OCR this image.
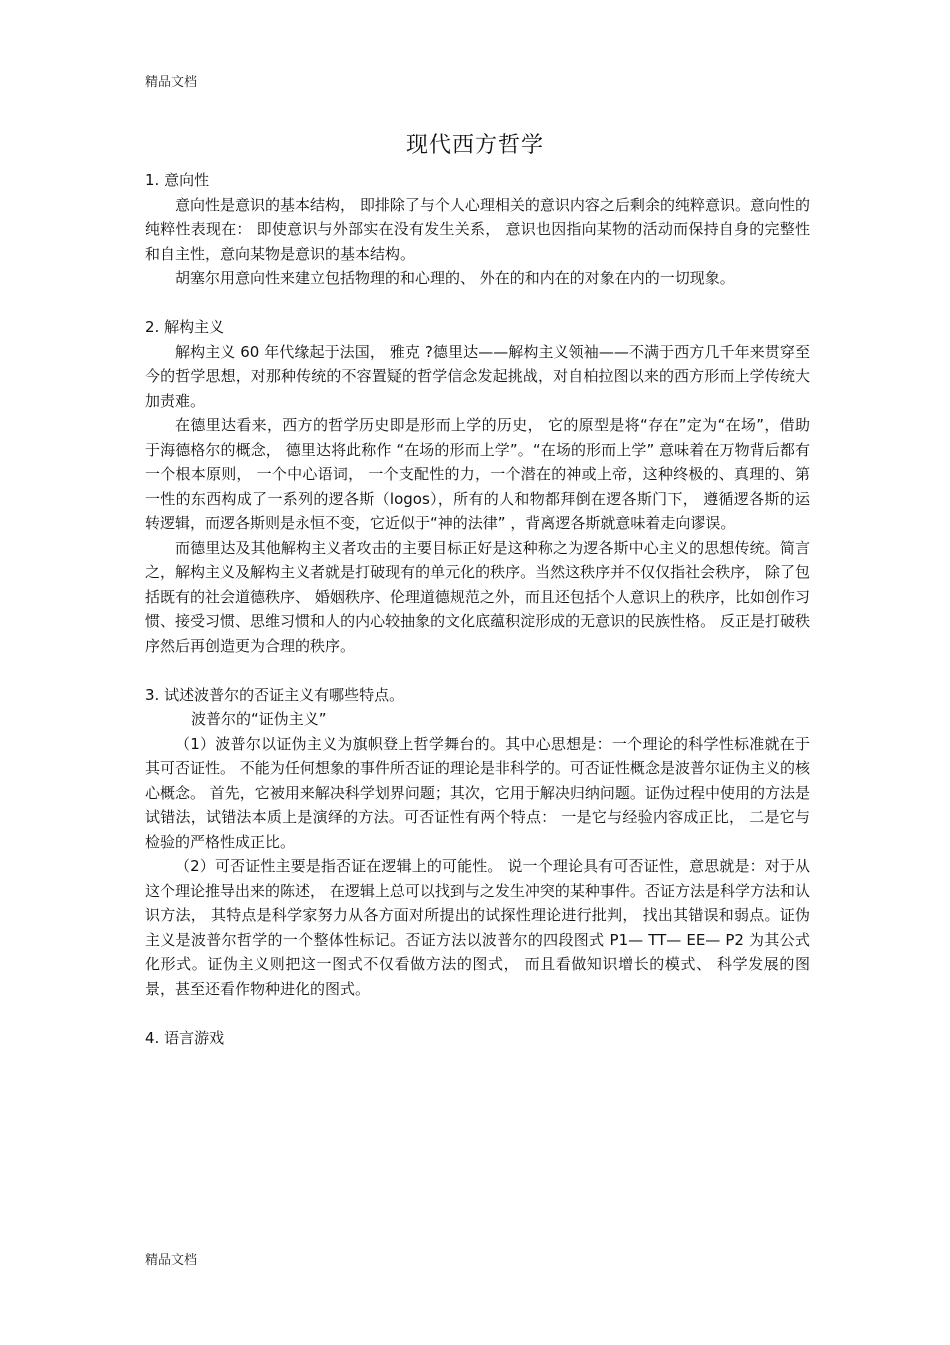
精品文档
现代西方哲学

1. 意向性

意向性是意识的基本结构， 即排除了与个人心理相关的意识内容之后剩余的纯粹意识。意向性的纯粹性表现在： 即使意识与外部实在没有发生关系， 意识也因指向某物的活动而保持自身的完整性和自主性，意向某物是意识的基本结构。

胡塞尔用意向性来建立包括物理的和心理的、 外在的和内在的对象在内的一切现象。

2. 解构主义

解构主义 60 年代缘起于法国， 雅克 ?德里达——解构主义领袖——不满于西方几千年来贯穿至今的哲学思想，对那种传统的不容置疑的哲学信念发起挑战，对自柏拉图以来的西方形而上学传统大加责难。

在德里达看来，西方的哲学历史即是形而上学的历史， 它的原型是将“存在”定为“在场”，借助于海德格尔的概念， 德里达将此称作 “在场的形而上学”。“在场的形而上学” 意味着在万物背后都有一个根本原则， 一个中心语词， 一个支配性的力，一个潜在的神或上帝，这种终极的、真理的、第一性的东西构成了一系列的逻各斯（logos），所有的人和物都拜倒在逻各斯门下， 遵循逻各斯的运转逻辑，而逻各斯则是永恒不变，它近似于“神的法律” ，背离逻各斯就意味着走向谬误。

而德里达及其他解构主义者攻击的主要目标正好是这种称之为逻各斯中心主义的思想传统。简言之，解构主义及解构主义者就是打破现有的单元化的秩序。当然这秩序并不仅仅指社会秩序， 除了包括既有的社会道德秩序、 婚姻秩序、伦理道德规范之外，而且还包括个人意识上的秩序，比如创作习惯、接受习惯、思维习惯和人的内心较抽象的文化底蕴积淀形成的无意识的民族性格。 反正是打破秩序然后再创造更为合理的秩序。

3. 试述波普尔的否证主义有哪些特点。

波普尔的“证伪主义”

（1）波普尔以证伪主义为旗帜登上哲学舞台的。其中心思想是：一个理论的科学性标准就在于其可否证性。 不能为任何想象的事件所否证的理论是非科学的。可否证性概念是波普尔证伪主义的核心概念。 首先，它被用来解决科学划界问题；其次，它用于解决归纳问题。证伪过程中使用的方法是试错法，试错法本质上是演绎的方法。可否证性有两个特点： 一是它与经验内容成正比， 二是它与检验的严格性成正比。

（2）可否证性主要是指否证在逻辑上的可能性。 说一个理论具有可否证性，意思就是：对于从这个理论推导出来的陈述， 在逻辑上总可以找到与之发生冲突的某种事件。否证方法是科学方法和认识方法， 其特点是科学家努力从各方面对所提出的试探性理论进行批判， 找出其错误和弱点。证伪主义是波普尔哲学的一个整体性标记。否证方法以波普尔的四段图式 P1— TT— EE— P2 为其公式化形式。证伪主义则把这一图式不仅看做方法的图式， 而且看做知识增长的模式、 科学发展的图景，甚至还看作物种进化的图式。

4. 语言游戏

精品文档
